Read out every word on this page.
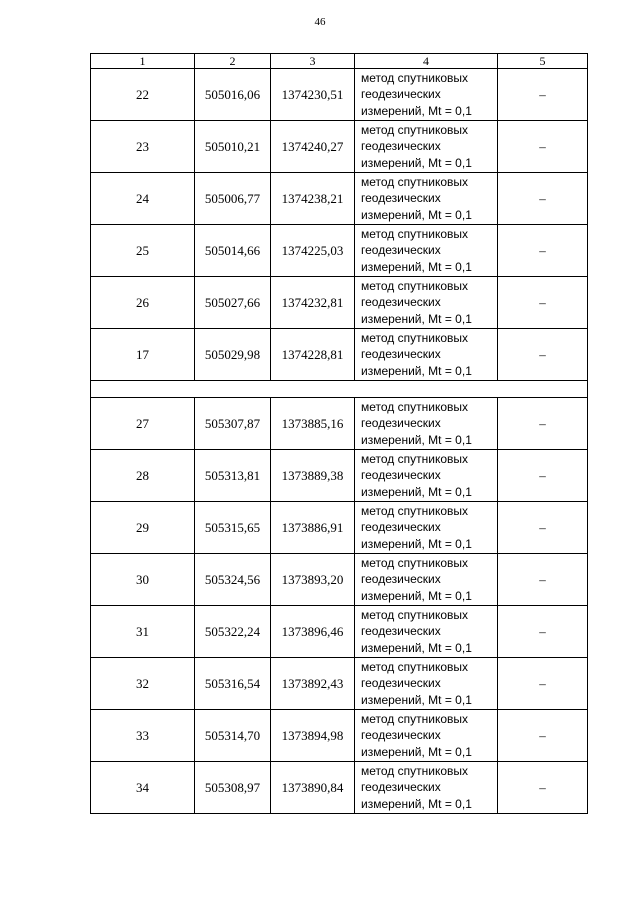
46
1	2	3	4	5
22	505016,06	1374230,51	метод спутниковых
геодезических
измерений, Mt = 0,1	–
23	505010,21	1374240,27	метод спутниковых
геодезических
измерений, Mt = 0,1	–
24	505006,77	1374238,21	метод спутниковых
геодезических
измерений, Mt = 0,1	–
25	505014,66	1374225,03	метод спутниковых
геодезических
измерений, Mt = 0,1	–
26	505027,66	1374232,81	метод спутниковых
геодезических
измерений, Mt = 0,1	–
17	505029,98	1374228,81	метод спутниковых
геодезических
измерений, Mt = 0,1	–

27	505307,87	1373885,16	метод спутниковых
геодезических
измерений, Mt = 0,1	–
28	505313,81	1373889,38	метод спутниковых
геодезических
измерений, Mt = 0,1	–
29	505315,65	1373886,91	метод спутниковых
геодезических
измерений, Mt = 0,1	–
30	505324,56	1373893,20	метод спутниковых
геодезических
измерений, Mt = 0,1	–
31	505322,24	1373896,46	метод спутниковых
геодезических
измерений, Mt = 0,1	–
32	505316,54	1373892,43	метод спутниковых
геодезических
измерений, Mt = 0,1	–
33	505314,70	1373894,98	метод спутниковых
геодезических
измерений, Mt = 0,1	–
34	505308,97	1373890,84	метод спутниковых
геодезических
измерений, Mt = 0,1	–
